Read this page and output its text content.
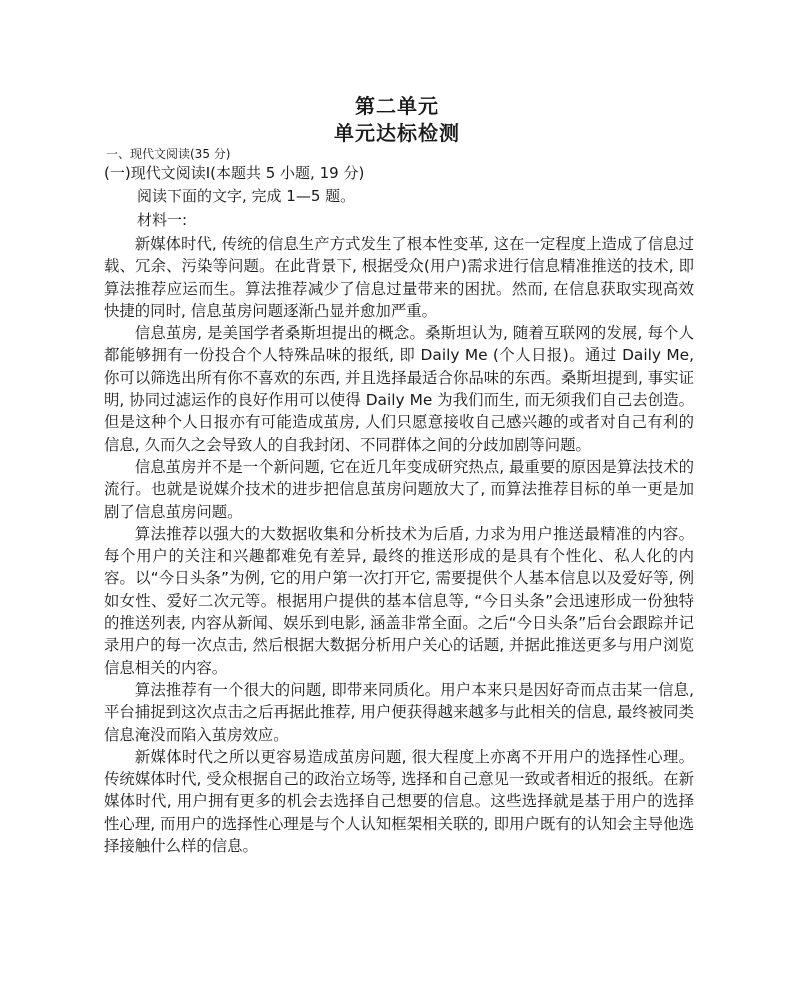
第二单元
单元达标检测
一、现代文阅读(35 分)
(一)现代文阅读Ⅰ(本题共 5 小题, 19 分)
阅读下面的文字, 完成 1—5 题。
材料一:

新媒体时代, 传统的信息生产方式发生了根本性变革, 这在一定程度上造成了信息过载、冗余、污染等问题。在此背景下, 根据受众(用户)需求进行信息精准推送的技术, 即算法推荐应运而生。算法推荐减少了信息过量带来的困扰。然而, 在信息获取实现高效快捷的同时, 信息茧房问题逐渐凸显并愈加严重。

信息茧房, 是美国学者桑斯坦提出的概念。桑斯坦认为, 随着互联网的发展, 每个人都能够拥有一份投合个人特殊品味的报纸, 即 Daily Me (个人日报)。通过 Daily Me, 你可以筛选出所有你不喜欢的东西, 并且选择最适合你品味的东西。桑斯坦提到, 事实证明, 协同过滤运作的良好作用可以使得 Daily Me 为我们而生, 而无须我们自己去创造。但是这种个人日报亦有可能造成茧房, 人们只愿意接收自己感兴趣的或者对自己有利的信息, 久而久之会导致人的自我封闭、不同群体之间的分歧加剧等问题。

信息茧房并不是一个新问题, 它在近几年变成研究热点, 最重要的原因是算法技术的流行。也就是说媒介技术的进步把信息茧房问题放大了, 而算法推荐目标的单一更是加剧了信息茧房问题。

算法推荐以强大的大数据收集和分析技术为后盾, 力求为用户推送最精准的内容。每个用户的关注和兴趣都难免有差异, 最终的推送形成的是具有个性化、私人化的内容。以“今日头条”为例, 它的用户第一次打开它, 需要提供个人基本信息以及爱好等, 例如女性、爱好二次元等。根据用户提供的基本信息等, “今日头条”会迅速形成一份独特的推送列表, 内容从新闻、娱乐到电影, 涵盖非常全面。之后“今日头条”后台会跟踪并记录用户的每一次点击, 然后根据大数据分析用户关心的话题, 并据此推送更多与用户浏览信息相关的内容。

算法推荐有一个很大的问题, 即带来同质化。用户本来只是因好奇而点击某一信息, 平台捕捉到这次点击之后再据此推荐, 用户便获得越来越多与此相关的信息, 最终被同类信息淹没而陷入茧房效应。

新媒体时代之所以更容易造成茧房问题, 很大程度上亦离不开用户的选择性心理。传统媒体时代, 受众根据自己的政治立场等, 选择和自己意见一致或者相近的报纸。在新媒体时代, 用户拥有更多的机会去选择自己想要的信息。这些选择就是基于用户的选择性心理, 而用户的选择性心理是与个人认知框架相关联的, 即用户既有的认知会主导他选择接触什么样的信息。
